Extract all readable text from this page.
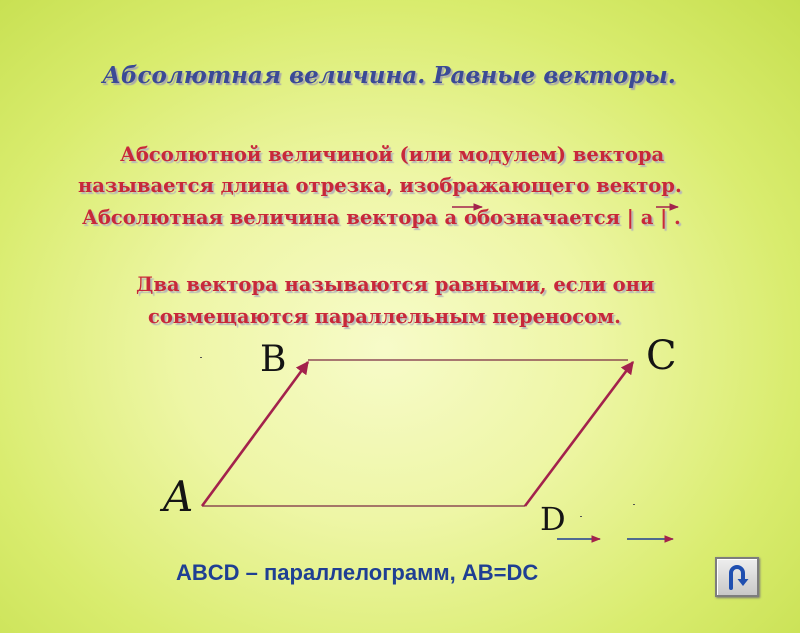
Абсолютная величина. Равные векторы.
Абсолютной величиной (или модулем) вектора
называется длина отрезка, изображающего вектор.
Абсолютная величина вектора a обозначается | a | .
Два вектора называются равными, если они
совмещаются параллельным переносом.
B	C
A	D
ABCD – параллелограмм, AB=DC
